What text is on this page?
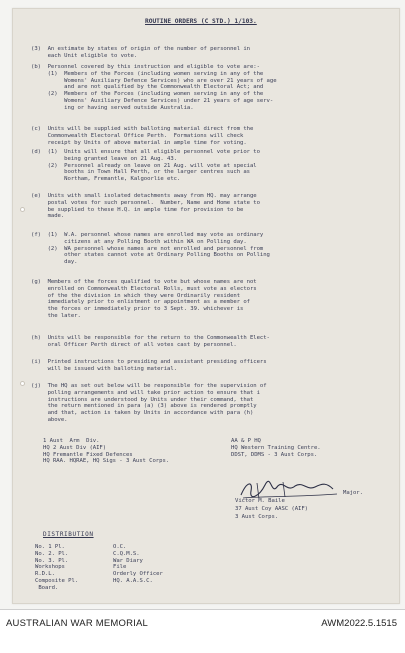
ROUTINE ORDERS (C STD.) 1/103.
(3)  An estimate by states of origin of the number of personnel in
each Unit eligible to vote.
(b)  Personnel covered by this instruction and eligible to vote are:-
(1)  Members of the Forces (including women serving in any of the
Womens' Auxiliary Defence Services) who are over 21 years of age
and are not qualified by the Commonwealth Electoral Act; and
(2)  Members of the Forces (including women serving in any of the
Womens' Auxiliary Defence Services) under 21 years of age serv-
ing or having served outside Australia.
(c)  Units will be supplied with balloting material direct from the
Commonwealth Electoral Office Perth.  Formations will check
receipt by Units of above material in ample time for voting.
(d)  (1)  Units will ensure that all eligible personnel vote prior to
being granted leave on 21 Aug. 43.
(2)  Personnel already on leave on 21 Aug. will vote at special
booths in Town Hall Perth, or the larger centres such as
Northam, Fremantle, Kalgoorlie etc.
(e)  Units with small isolated detachments away from HQ. may arrange
postal votes for such personnel.  Number, Name and Home state to
be supplied to these H.Q. in ample time for provision to be
made.
(f)  (1)  W.A. personnel whose names are enrolled may vote as ordinary
citizens at any Polling Booth within WA on Polling day.
(2)  WA personnel whose names are not enrolled and personnel from
other states cannot vote at Ordinary Polling Booths on Polling
day.
(g)  Members of the forces qualified to vote but whose names are not
enrolled on Commonwealth Electoral Rolls, must vote as electors
of the the division in which they were Ordinarily resident
immediately prior to enlistment or appointment as a member of
the forces or immediately prior to 3 Sept. 39. whichever is
the later.
(h)  Units will be responsible for the return to the Commonwealth Elect-
oral Officer Perth direct of all votes cast by personnel.
(i)  Printed instructions to presiding and assistant presiding officers
will be issued with balloting material.
(j)  The HQ as set out below will be responsible for the supervision of
polling arrangements and will take prior action to ensure that i
instructions are understood by Units under their command, that
the return mentioned in para (a) (3) above is rendered promptly
and that, action is taken by Units in accordance with para (h)
above.
1 Aust  Arm  Div.
HQ 2 Aust Div (AIF)
HQ Fremantle Fixed Defences
HQ RAA. HQRAE, HQ Sigs - 3 Aust Corps.
AA & P HQ
HQ Western Training Centre.
DDST, DDMS - 3 Aust Corps.
Major.
Victor M. Baile
37 Aust Coy AASC (AIF)
3 Aust Corps.
DISTRIBUTION
No. 1 Pl.
No. 2. Pl.
No. 3. Pl.
Workshops
R.D.L.
Composite Pl.
Board.
O.C.
C.Q.M.S.
War Diary
File
Orderly Officer
HQ. A.A.S.C.
AUSTRALIAN WAR MEMORIAL	AWM2022.5.1515
